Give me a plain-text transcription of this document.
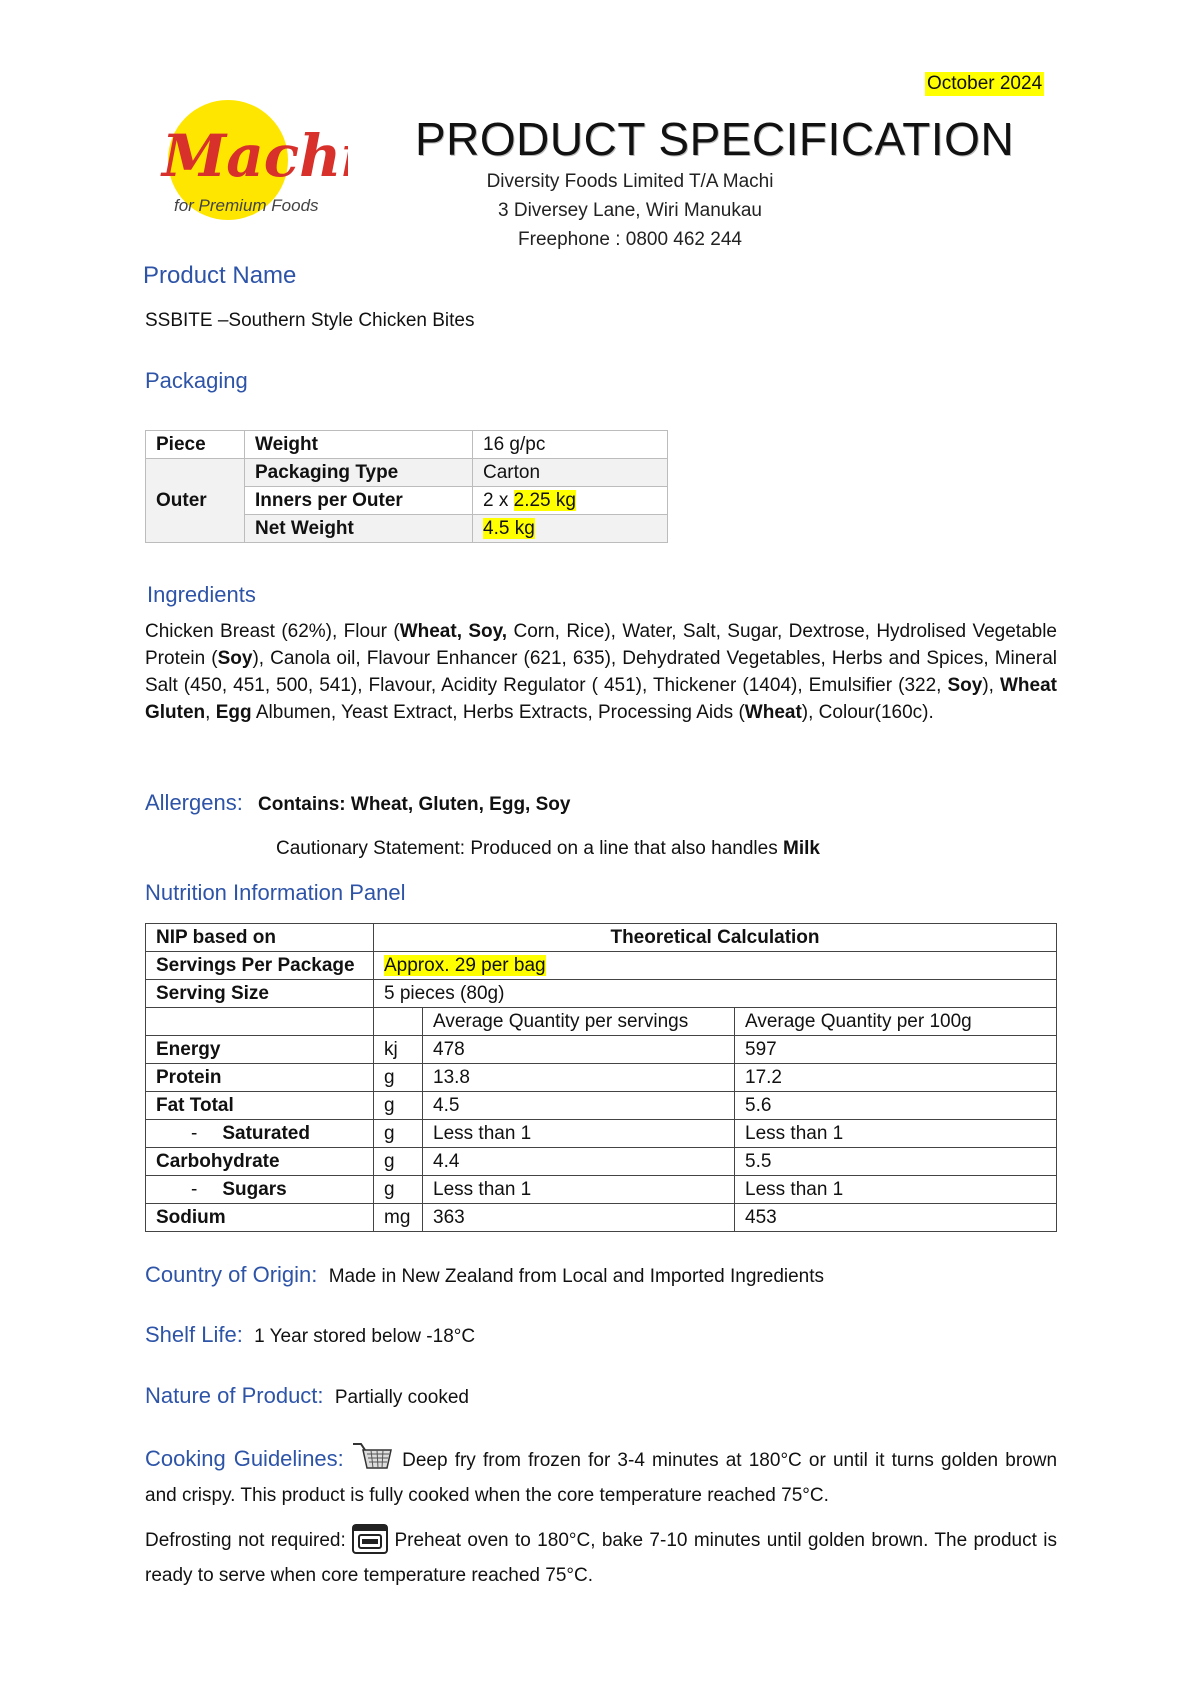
October 2024
Machi
for Premium Foods
PRODUCT SPECIFICATION
Diversity Foods Limited T/A Machi
3 Diversey Lane, Wiri Manukau
Freephone : 0800 462 244
Product Name
SSBITE –Southern Style Chicken Bites
Packaging
Piece	Weight	16 g/pc
Outer	Packaging Type	Carton
	Inners per Outer	2 x 2.25 kg
	Net Weight	4.5 kg
Ingredients
Chicken Breast (62%), Flour (Wheat, Soy, Corn, Rice), Water, Salt, Sugar, Dextrose, Hydrolised Vegetable Protein (Soy), Canola oil, Flavour Enhancer (621, 635), Dehydrated Vegetables, Herbs and Spices, Mineral Salt (450, 451, 500, 541), Flavour, Acidity Regulator ( 451), Thickener (1404), Emulsifier (322, Soy), Wheat Gluten, Egg Albumen, Yeast Extract, Herbs Extracts, Processing Aids (Wheat), Colour(160c).
Allergens: Contains: Wheat, Gluten, Egg, Soy
Cautionary Statement: Produced on a line that also handles Milk
Nutrition Information Panel
NIP based on	Theoretical Calculation		
Servings Per Package	Approx. 29 per bag		
Serving Size	5 pieces (80g)		
		Average Quantity per servings	Average Quantity per 100g
Energy	kj	478	597
Protein	g	13.8	17.2
Fat Total	g	4.5	5.6
- Saturated	g	Less than 1	Less than 1
Carbohydrate	g	4.4	5.5
- Sugars	g	Less than 1	Less than 1
Sodium	mg	363	453
Country of Origin: Made in New Zealand from Local and Imported Ingredients
Shelf Life: 1 Year stored below -18°C
Nature of Product: Partially cooked
Cooking Guidelines:	Deep fry from frozen for 3-4 minutes at 180°C or until it turns golden brown and crispy. This product is fully cooked when the core temperature reached 75°C.
Defrosting not required:	Preheat oven to 180°C, bake 7-10 minutes until golden brown. The product is ready to serve when core temperature reached 75°C.
